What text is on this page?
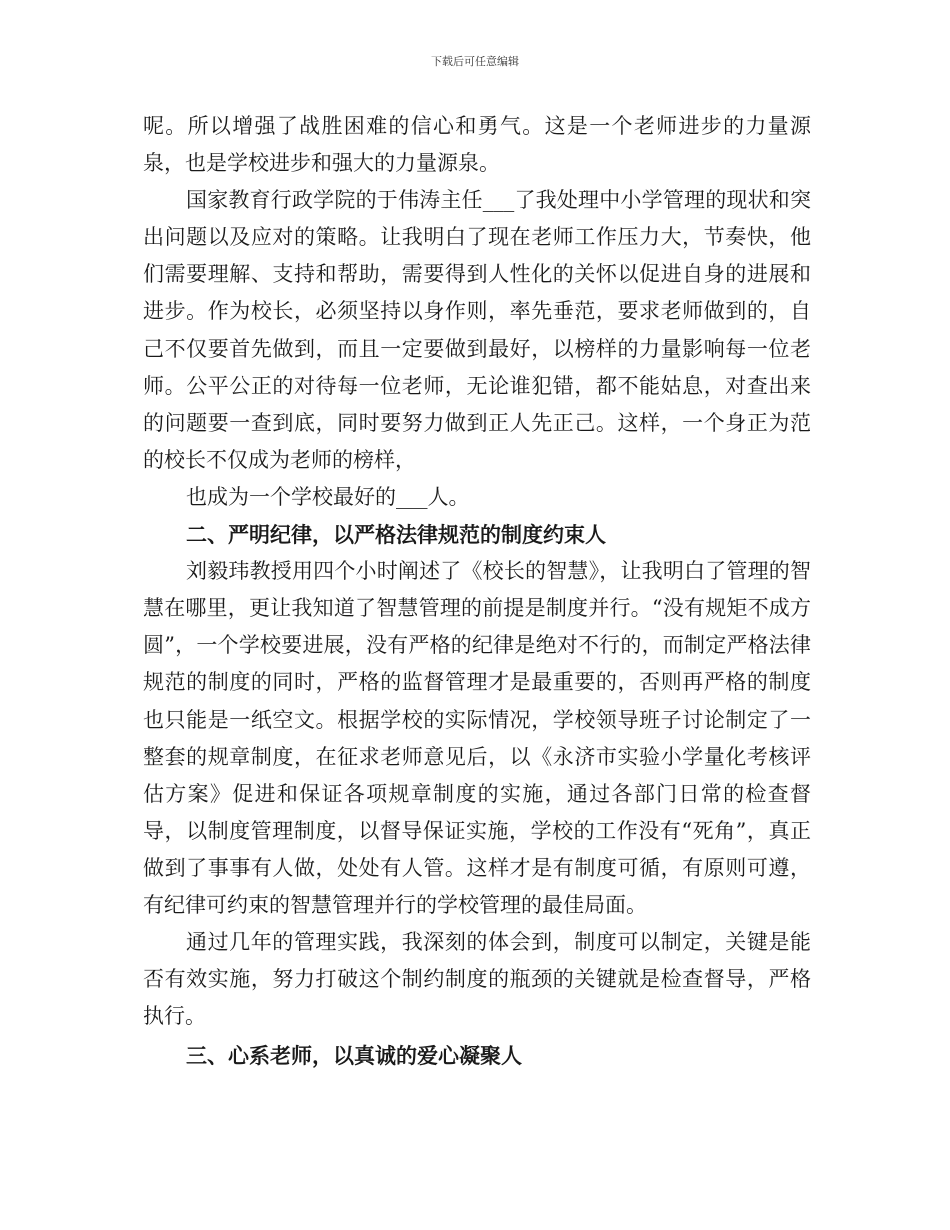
下载后可任意编辑

呢。所以增强了战胜困难的信心和勇气。这是一个老师进步的力量源泉，也是学校进步和强大的力量源泉。

国家教育行政学院的于伟涛主任___了我处理中小学管理的现状和突出问题以及应对的策略。让我明白了现在老师工作压力大，节奏快，他们需要理解、支持和帮助，需要得到人性化的关怀以促进自身的进展和进步。作为校长，必须坚持以身作则，率先垂范，要求老师做到的，自己不仅要首先做到，而且一定要做到最好，以榜样的力量影响每一位老师。公平公正的对待每一位老师，无论谁犯错，都不能姑息，对查出来的问题要一查到底，同时要努力做到正人先正己。这样，一个身正为范的校长不仅成为老师的榜样，

也成为一个学校最好的___人。

二、严明纪律，以严格法律规范的制度约束人

刘毅玮教授用四个小时阐述了《校长的智慧》，让我明白了管理的智慧在哪里，更让我知道了智慧管理的前提是制度并行。“没有规矩不成方圆”，一个学校要进展，没有严格的纪律是绝对不行的，而制定严格法律规范的制度的同时，严格的监督管理才是最重要的，否则再严格的制度也只能是一纸空文。根据学校的实际情况，学校领导班子讨论制定了一整套的规章制度，在征求老师意见后，以《永济市实验小学量化考核评估方案》促进和保证各项规章制度的实施，通过各部门日常的检查督导，以制度管理制度，以督导保证实施，学校的工作没有“死角”，真正做到了事事有人做，处处有人管。这样才是有制度可循，有原则可遵，有纪律可约束的智慧管理并行的学校管理的最佳局面。

通过几年的管理实践，我深刻的体会到，制度可以制定，关键是能否有效实施，努力打破这个制约制度的瓶颈的关键就是检查督导，严格执行。

三、心系老师，以真诚的爱心凝聚人
